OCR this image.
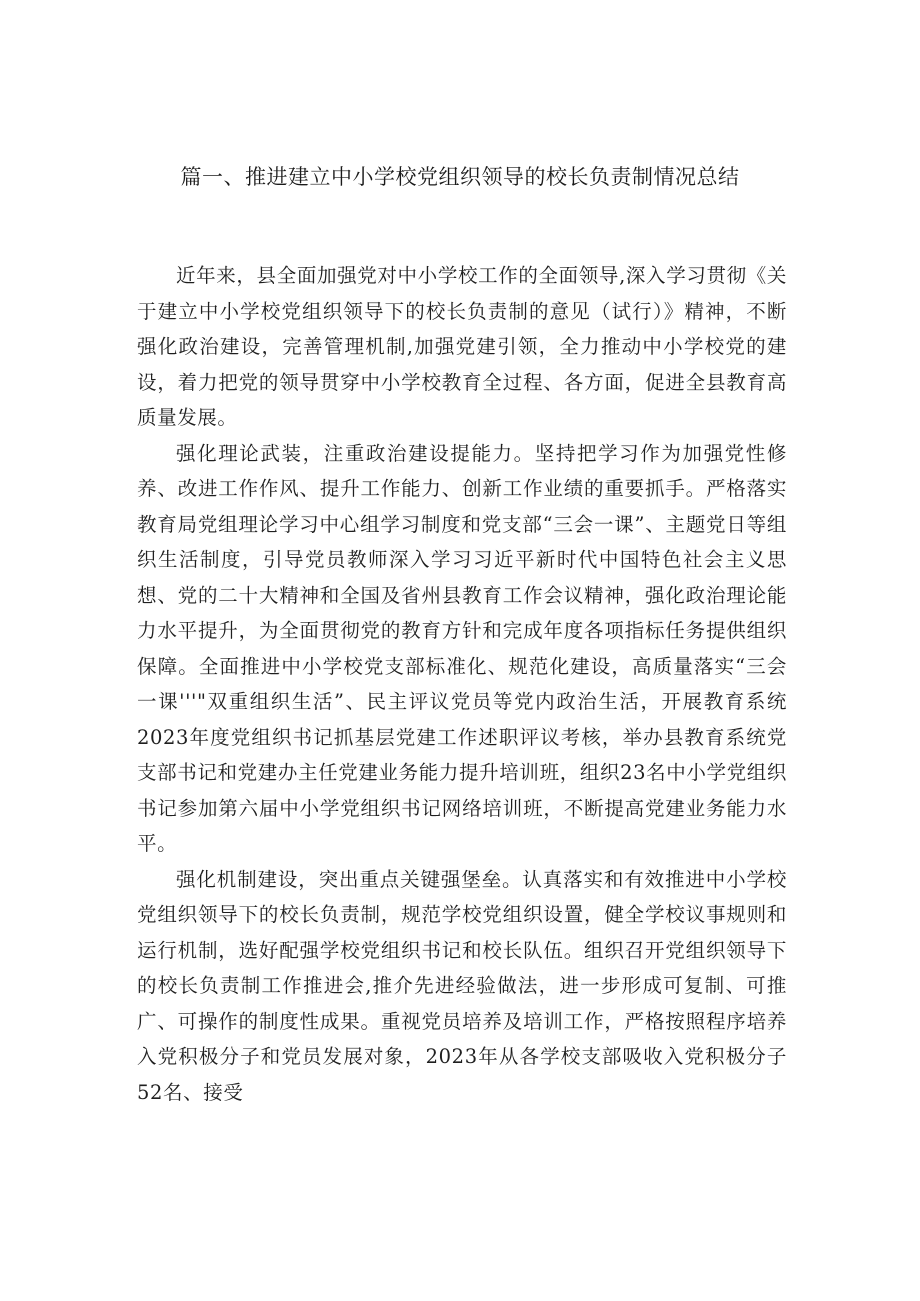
篇一、推进建立中小学校党组织领导的校长负责制情况总结

近年来，县全面加强党对中小学校工作的全面领导,深入学习贯彻《关于建立中小学校党组织领导下的校长负责制的意见（试行）》精神，不断强化政治建设，完善管理机制,加强党建引领，全力推动中小学校党的建设，着力把党的领导贯穿中小学校教育全过程、各方面，促进全县教育高质量发展。

强化理论武装，注重政治建设提能力。坚持把学习作为加强党性修养、改进工作作风、提升工作能力、创新工作业绩的重要抓手。严格落实教育局党组理论学习中心组学习制度和党支部“三会一课”、主题党日等组织生活制度，引导党员教师深入学习习近平新时代中国特色社会主义思想、党的二十大精神和全国及省州县教育工作会议精神，强化政治理论能力水平提升，为全面贯彻党的教育方针和完成年度各项指标任务提供组织保障。全面推进中小学校党支部标准化、规范化建设，高质量落实“三会一课'''"双重组织生活”、民主评议党员等党内政治生活，开展教育系统2023年度党组织书记抓基层党建工作述职评议考核，举办县教育系统党支部书记和党建办主任党建业务能力提升培训班，组织23名中小学党组织书记参加第六届中小学党组织书记网络培训班，不断提高党建业务能力水平。

强化机制建设，突出重点关键强堡垒。认真落实和有效推进中小学校党组织领导下的校长负责制，规范学校党组织设置，健全学校议事规则和运行机制，选好配强学校党组织书记和校长队伍。组织召开党组织领导下的校长负责制工作推进会,推介先进经验做法，进一步形成可复制、可推广、可操作的制度性成果。重视党员培养及培训工作，严格按照程序培养入党积极分子和党员发展对象，2023年从各学校支部吸收入党积极分子52名、接受
